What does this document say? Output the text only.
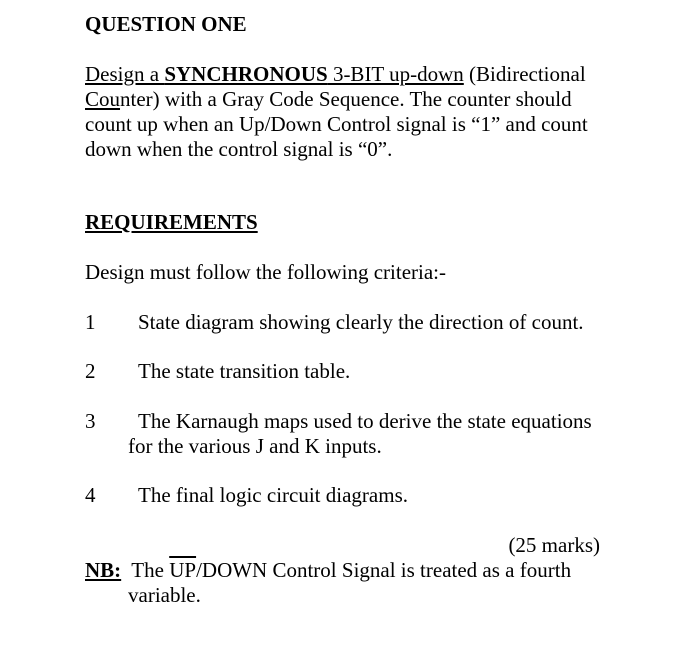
QUESTION ONE
Design a SYNCHRONOUS 3-BIT up-down (Bidirectional
Counter) with a Gray Code Sequence. The counter should
count up when an Up/Down Control signal is “1” and count
down when the control signal is “0”.
REQUIREMENTS
Design must follow the following criteria:-
1 State diagram showing clearly the direction of count.
2 The state transition table.
3 The Karnaugh maps used to derive the state equations
for the various J and K inputs.
4 The final logic circuit diagrams.
(25 marks)
NB:  The $\overline{UP}$/DOWN Control Signal is treated as a fourth
variable.
